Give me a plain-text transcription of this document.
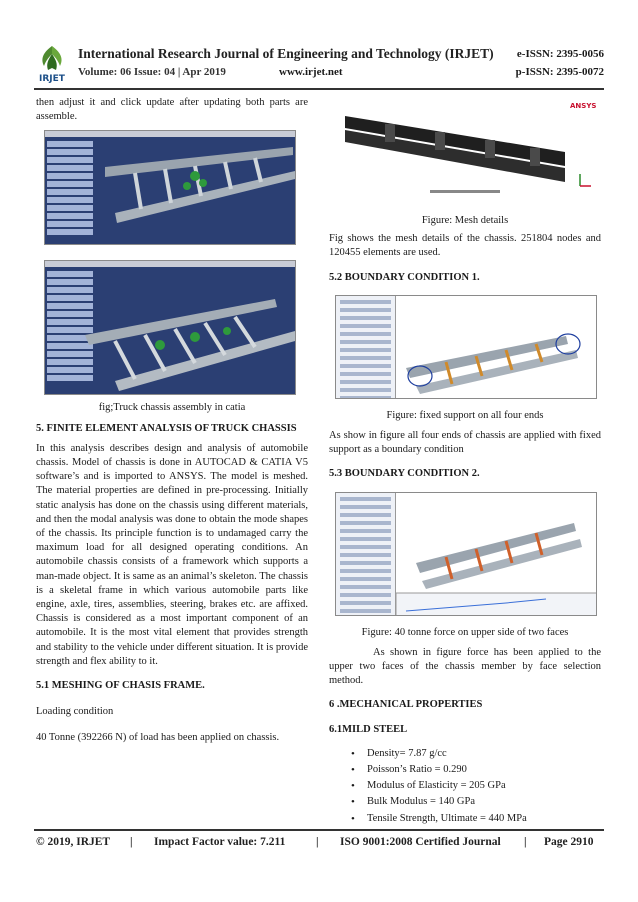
IRJET
International Research Journal of Engineering and Technology (IRJET) e-ISSN: 2395-0056
Volume: 06 Issue: 04 | Apr 2019	www.irjet.net	p-ISSN: 2395-0072

then adjust it and click update after updating both parts are assemble.

fig;Truck chassis assembly in catia

5. FINITE ELEMENT ANALYSIS OF TRUCK CHASSIS

In this analysis describes design and analysis of automobile chassis. Model of chassis is done in AUTOCAD & CATIA V5 software’s and is imported to ANSYS. The model is meshed. The material properties are defined in pre-processing. Initially static analysis has done on the chassis using different materials, and then the modal analysis was done to obtain the mode shapes of the chassis. Its principle function is to undamaged carry the maximum load for all designed operating conditions. An automobile chassis consists of a framework which supports a man-made object. It is same as an animal’s skeleton. The chassis is a skeletal frame in which various automobile parts like engine, axle, tires, assemblies, steering, brakes etc. are affixed. Chassis is considered as a most important component of an automobile. It is the most vital element that provides strength and stability to the vehicle under different situation. It is provide strength and flex ability to it.

5.1 MESHING OF CHASIS FRAME.

Loading condition

40 Tonne (392266 N) of load has been applied on chassis.

ANSYS

Figure: Mesh details

Fig shows the mesh details of the chassis. 251804 nodes and 120455 elements are used.

5.2 BOUNDARY CONDITION 1.

Figure: fixed support on all four ends

As show in figure all four ends of chassis are applied with fixed support as a boundary condition

5.3 BOUNDARY CONDITION 2.

Figure: 40 tonne force on upper side of two faces

As shown in figure force has been applied to the upper two faces of the chassis member by face selection method.

6 .MECHANICAL PROPERTIES

6.1MILD STEEL

• Density= 7.87 g/cc
• Poisson’s Ratio = 0.290
• Modulus of Elasticity = 205 GPa
• Bulk Modulus = 140 GPa
• Tensile Strength, Ultimate = 440 MPa
© 2019, IRJET | Impact Factor value: 7.211	| ISO 9001:2008 Certified Journal | Page 2910
